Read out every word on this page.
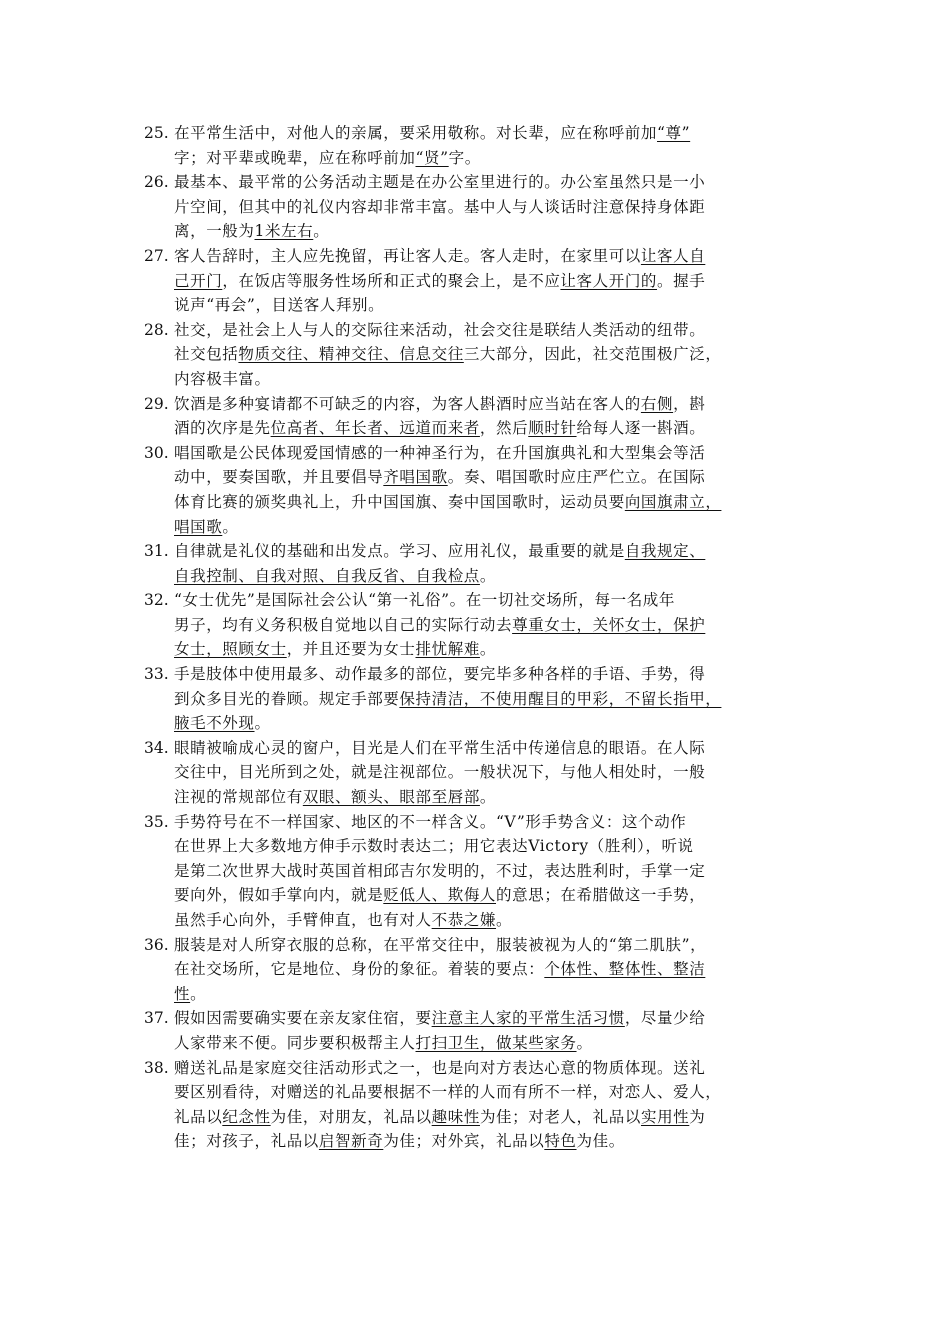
25. 在平常生活中，对他人的亲属，要采用敬称。对长辈，应在称呼前加“尊”
字；对平辈或晚辈，应在称呼前加“贤”字。
26. 最基本、最平常的公务活动主题是在办公室里进行的。办公室虽然只是一小
片空间，但其中的礼仪内容却非常丰富。基中人与人谈话时注意保持身体距
离，一般为1米左右。
27. 客人告辞时，主人应先挽留，再让客人走。客人走时，在家里可以让客人自
己开门，在饭店等服务性场所和正式的聚会上，是不应让客人开门的。握手
说声“再会”，目送客人拜别。
28. 社交，是社会上人与人的交际往来活动，社会交往是联结人类活动的纽带。
社交包括物质交往、精神交往、信息交往三大部分，因此，社交范围极广泛，
内容极丰富。
29. 饮酒是多种宴请都不可缺乏的内容，为客人斟酒时应当站在客人的右侧，斟
酒的次序是先位高者、年长者、远道而来者，然后顺时针给每人逐一斟酒。
30. 唱国歌是公民体现爱国情感的一种神圣行为，在升国旗典礼和大型集会等活
动中，要奏国歌，并且要倡导齐唱国歌。奏、唱国歌时应庄严伫立。在国际
体育比赛的颁奖典礼上，升中国国旗、奏中国国歌时，运动员要向国旗肃立，
唱国歌。
31. 自律就是礼仪的基础和出发点。学习、应用礼仪，最重要的就是自我规定、
自我控制、自我对照、自我反省、自我检点。
32. “女士优先”是国际社会公认“第一礼俗”。在一切社交场所，每一名成年
男子，均有义务积极自觉地以自己的实际行动去尊重女士，关怀女士，保护
女士，照顾女士，并且还要为女士排忧解难。
33. 手是肢体中使用最多、动作最多的部位，要完毕多种各样的手语、手势，得
到众多目光的眷顾。规定手部要保持清洁，不使用醒目的甲彩，不留长指甲，
腋毛不外现。
34. 眼睛被喻成心灵的窗户，目光是人们在平常生活中传递信息的眼语。在人际
交往中，目光所到之处，就是注视部位。一般状况下，与他人相处时，一般
注视的常规部位有双眼、额头、眼部至唇部。
35. 手势符号在不一样国家、地区的不一样含义。“V”形手势含义：这个动作
在世界上大多数地方伸手示数时表达二；用它表达Victory（胜利），听说
是第二次世界大战时英国首相邱吉尔发明的，不过，表达胜利时，手掌一定
要向外，假如手掌向内，就是贬低人、欺侮人的意思；在希腊做这一手势，
虽然手心向外，手臂伸直，也有对人不恭之嫌。
36. 服装是对人所穿衣服的总称，在平常交往中，服装被视为人的“第二肌肤”，
在社交场所，它是地位、身份的象征。着装的要点：个体性、整体性、整洁
性。
37. 假如因需要确实要在亲友家住宿，要注意主人家的平常生活习惯，尽量少给
人家带来不便。同步要积极帮主人打扫卫生，做某些家务。
38. 赠送礼品是家庭交往活动形式之一，也是向对方表达心意的物质体现。送礼
要区别看待，对赠送的礼品要根据不一样的人而有所不一样，对恋人、爱人，
礼品以纪念性为佳，对朋友，礼品以趣味性为佳；对老人，礼品以实用性为
佳；对孩子，礼品以启智新奇为佳；对外宾，礼品以特色为佳。
